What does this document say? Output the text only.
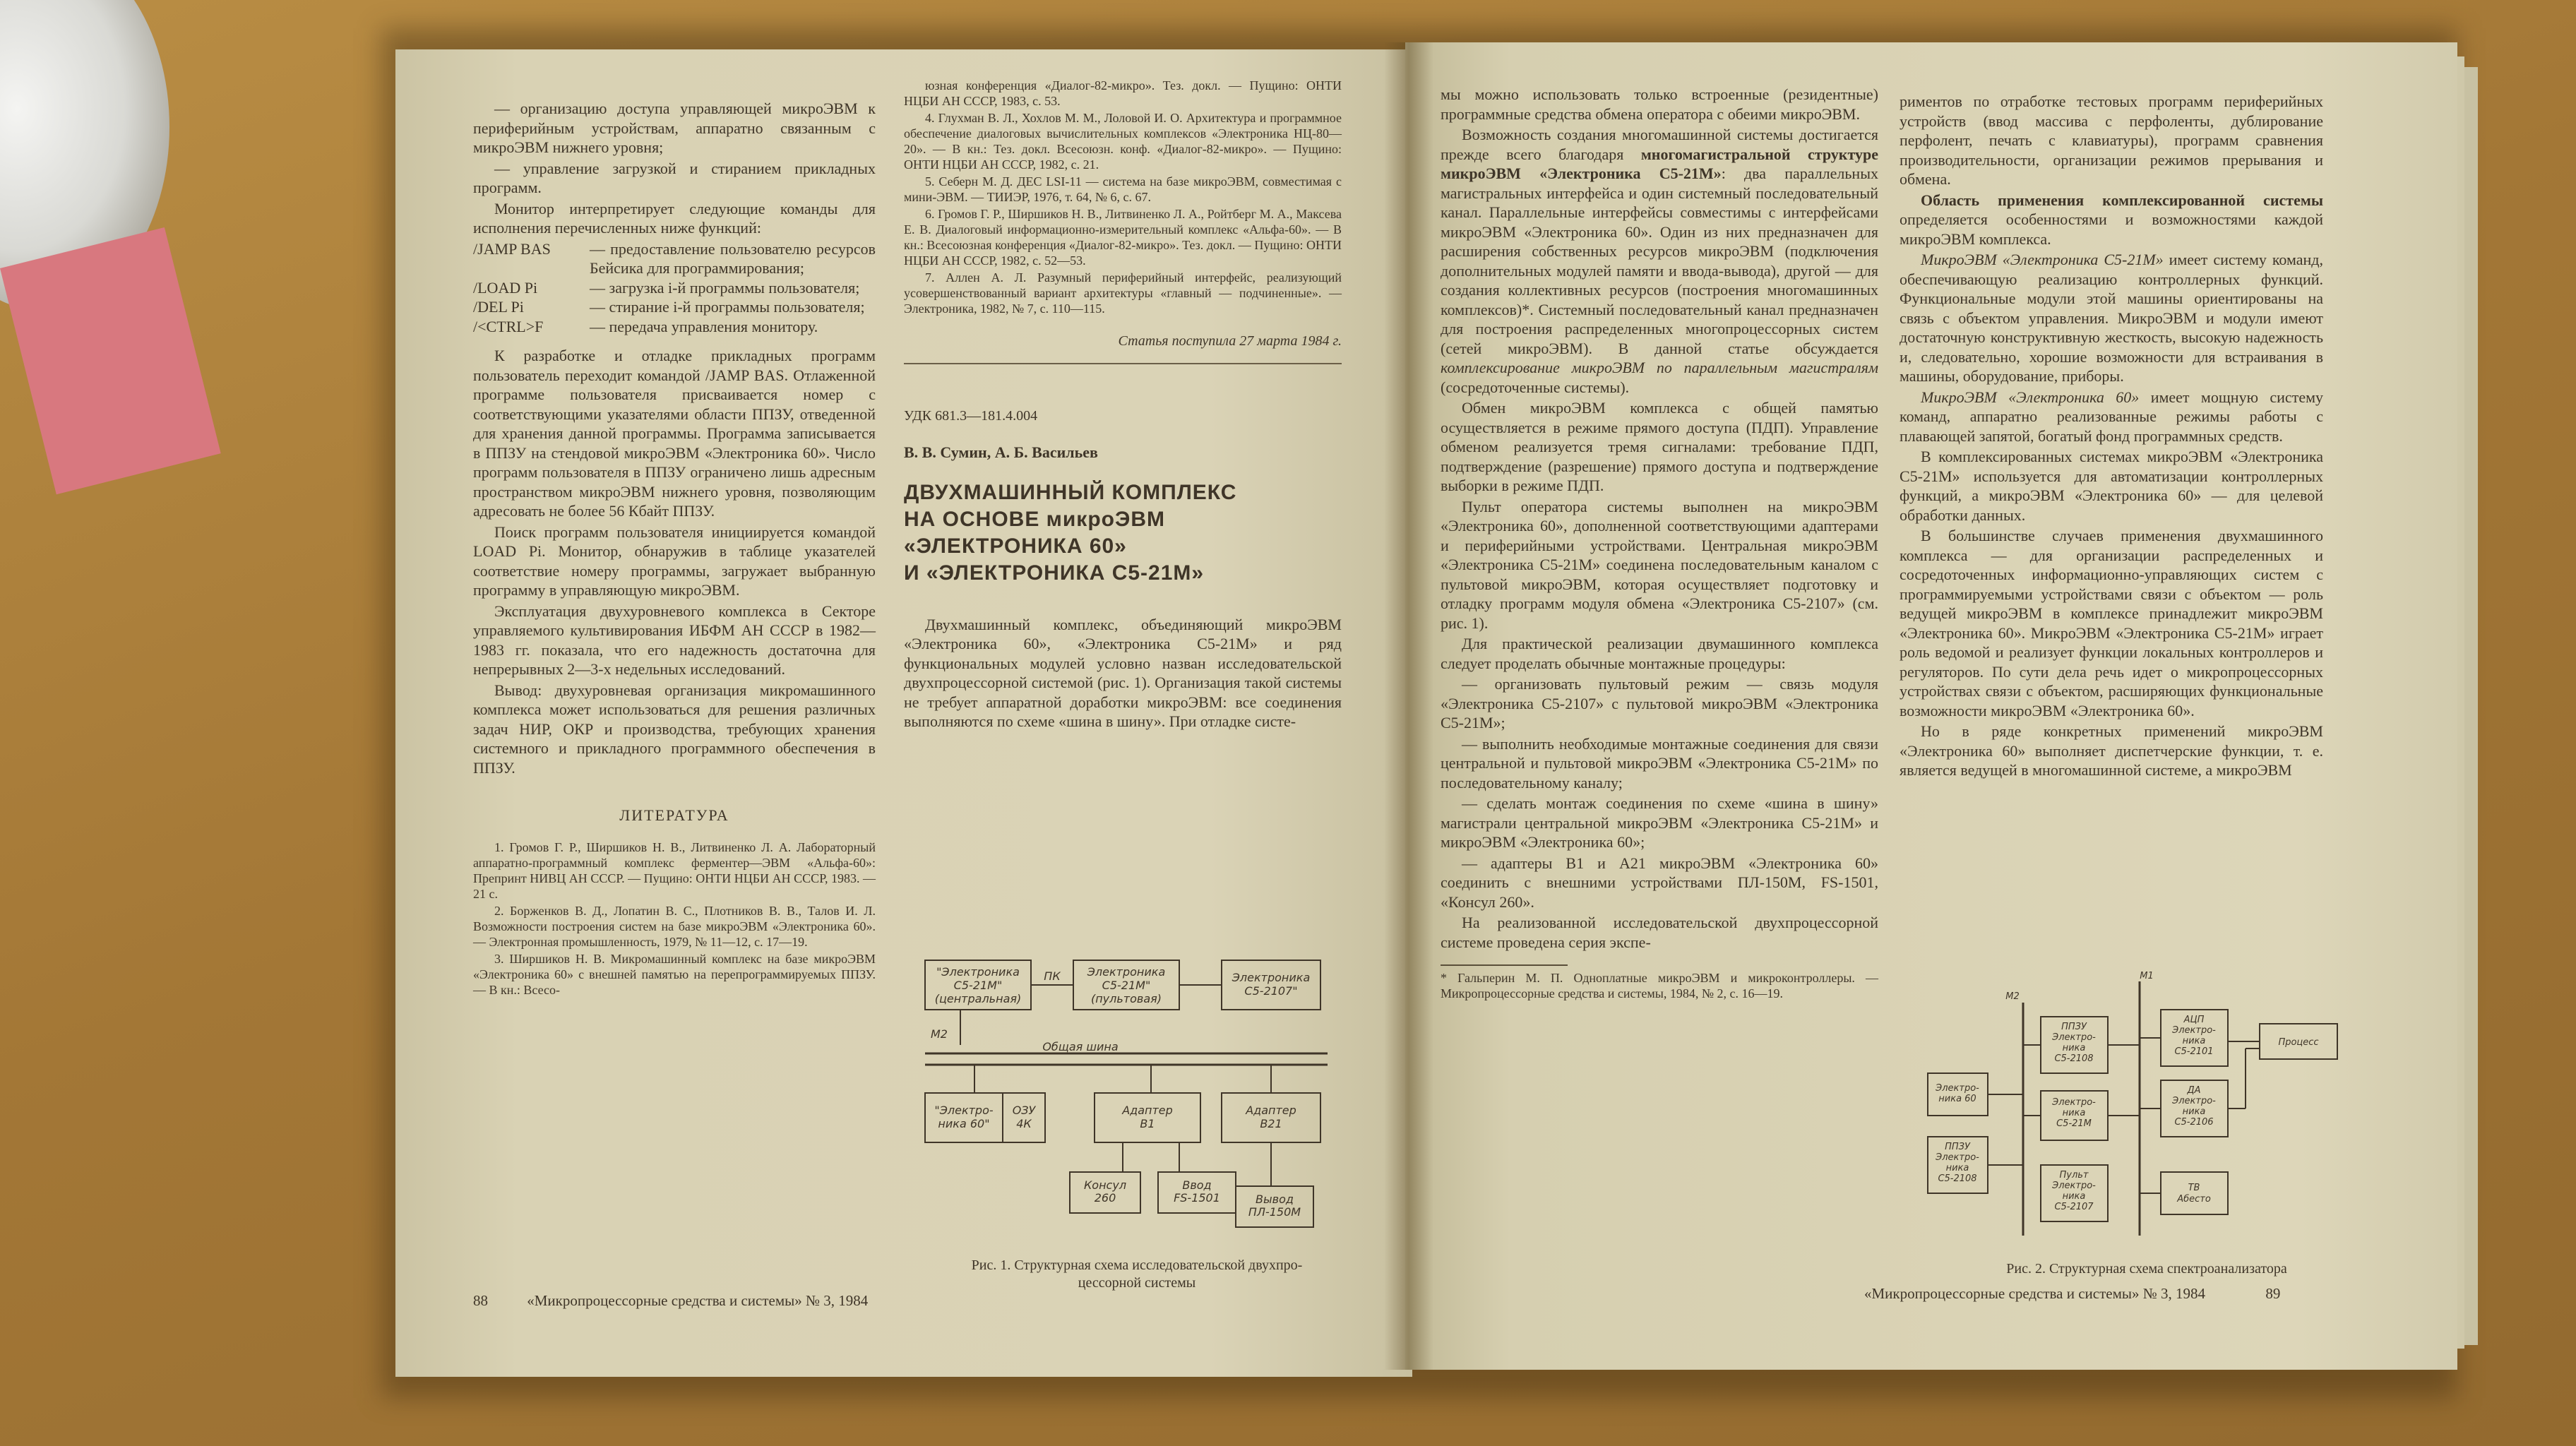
— организацию доступа управляющей микроЭВМ к периферийным устройствам, аппаратно связанным с микроЭВМ нижнего уровня;

— управление загрузкой и стиранием прикладных программ.

Монитор интерпретирует следующие команды для исполнения перечисленных ниже функций:

/JAMP BAS	— предоставление пользователю ресурсов Бейсика для программирования;
/LOAD Pi	— загрузка i-й программы пользователя;
/DEL Pi	— стирание i-й программы пользователя;
/<CTRL>F	— передача управления монитору.

К разработке и отладке прикладных программ пользователь переходит командой /JAMP BAS. Отлаженной программе пользователя присваивается номер с соответствующими указателями области ППЗУ, отведенной для хранения данной программы. Программа записывается в ППЗУ на стендовой микроЭВМ «Электроника 60». Число программ пользователя в ППЗУ ограничено лишь адресным пространством микроЭВМ нижнего уровня, позволяющим адресовать не более 56 Кбайт ППЗУ.

Поиск программ пользователя инициируется командой LOAD Pi. Монитор, обнаружив в таблице указателей соответствие номеру программы, загружает выбранную программу в управляющую микроЭВМ.

Эксплуатация двухуровневого комплекса в Секторе управляемого культивирования ИБФМ АН СССР в 1982—1983 гг. показала, что его надежность достаточна для непрерывных 2—3-х недельных исследований.

Вывод: двухуровневая организация микромашинного комплекса может использоваться для решения различных задач НИР, ОКР и производства, требующих хранения системного и прикладного программного обеспечения в ППЗУ.

ЛИТЕРАТУРА

1. Громов Г. Р., Ширшиков Н. В., Литвиненко Л. А. Лабораторный аппаратно-программный комплекс ферментер—ЭВМ «Альфа-60»: Препринт НИВЦ АН СССР. — Пущино: ОНТИ НЦБИ АН СССР, 1983. — 21 с.

2. Борженков В. Д., Лопатин В. С., Плотников В. В., Талов И. Л. Возможности построения систем на базе микроЭВМ «Электроника 60». — Электронная промышленность, 1979, № 11—12, с. 17—19.

3. Ширшиков Н. В. Микромашинный комплекс на базе микроЭВМ «Электроника 60» с внешней памятью на перепрограммируемых ППЗУ. — В кн.: Всесо-

юзная конференция «Диалог-82-микро». Тез. докл. — Пущино: ОНТИ НЦБИ АН СССР, 1983, с. 53.

4. Глухман В. Л., Хохлов М. М., Лоловой И. О. Архитектура и программное обеспечение диалоговых вычислительных комплексов «Электроника НЦ-80—20». — В кн.: Тез. докл. Всесоюзн. конф. «Диалог-82-микро». — Пущино: ОНТИ НЦБИ АН СССР, 1982, с. 21.

5. Себерн М. Д. ДЕС LSI-11 — система на базе микроЭВМ, совместимая с мини-ЭВМ. — ТИИЭР, 1976, т. 64, № 6, с. 67.

6. Громов Г. Р., Ширшиков Н. В., Литвиненко Л. А., Ройтберг М. А., Максева Е. В. Диалоговый информационно-измерительный комплекс «Альфа-60». — В кн.: Всесоюзная конференция «Диалог-82-микро». Тез. докл. — Пущино: ОНТИ НЦБИ АН СССР, 1982, с. 52—53.

7. Аллен А. Л. Разумный периферийный интерфейс, реализующий усовершенствованный вариант архитектуры «главный — подчиненные». — Электроника, 1982, № 7, с. 110—115.

Статья поступила 27 марта 1984 г.
УДК 681.3—181.4.004
В. В. Сумин, А. Б. Васильев
ДВУХМАШИННЫЙ КОМПЛЕКС
НА ОСНОВЕ микроЭВМ
«ЭЛЕКТРОНИКА 60»
И «ЭЛЕКТРОНИКА С5-21М»

Двухмашинный комплекс, объединяющий микроЭВМ «Электроника 60», «Электроника С5-21М» и ряд функциональных модулей условно назван исследовательской двухпроцессорной системой (рис. 1). Организация такой системы не требует аппаратной доработки микроЭВМ: все соединения выполняются по схеме «шина в шину». При отладке систе-

"Электроника С5-21М" (центральная)
Электроника С5-21М" (пультовая)
Электроника С5-2107"
"Электро-ника 60"
ОЗУ 4К
Адаптер В1
Адаптер В21
Консул 260
Ввод FS-1501	Вывод ПЛ-150М
ПК
М2
Общая шина
Рис. 1. Структурная схема исследовательской двухпро-
цессорной системы
88	«Микропроцессорные средства и системы» № 3, 1984

мы можно использовать только встроенные (резидентные) программные средства обмена оператора с обеими микроЭВМ.

Возможность создания многомашинной системы достигается прежде всего благодаря многомагистральной структуре микроЭВМ «Электроника С5-21М»: два параллельных магистральных интерфейса и один системный последовательный канал. Параллельные интерфейсы совместимы с интерфейсами микроЭВМ «Электроника 60». Один из них предназначен для расширения собственных ресурсов микроЭВМ (подключения дополнительных модулей памяти и ввода-вывода), другой — для создания коллективных ресурсов (построения многомашинных комплексов)*. Системный последовательный канал предназначен для построения распределенных многопроцессорных систем (сетей микроЭВМ). В данной статье обсуждается комплексирование микроЭВМ по параллельным магистралям (сосредоточенные системы).

Обмен микроЭВМ комплекса с общей памятью осуществляется в режиме прямого доступа (ПДП). Управление обменом реализуется тремя сигналами: требование ПДП, подтверждение (разрешение) прямого доступа и подтверждение выборки в режиме ПДП.

Пульт оператора системы выполнен на микроЭВМ «Электроника 60», дополненной соответствующими адаптерами и периферийными устройствами. Центральная микроЭВМ «Электроника С5-21М» соединена последовательным каналом с пультовой микроЭВМ, которая осуществляет подготовку и отладку программ модуля обмена «Электроника С5-2107» (см. рис. 1).

Для практической реализации двумашинного комплекса следует проделать обычные монтажные процедуры:

— организовать пультовый режим — связь модуля «Электроника С5-2107» с пультовой микроЭВМ «Электроника С5-21М»;

— выполнить необходимые монтажные соединения для связи центральной и пультовой микроЭВМ «Электроника С5-21М» по последовательному каналу;

— сделать монтаж соединения по схеме «шина в шину» магистрали центральной микроЭВМ «Электроника С5-21М» и микроЭВМ «Электроника 60»;

— адаптеры В1 и А21 микроЭВМ «Электроника 60» соединить с внешними устройствами ПЛ-150М, FS-1501, «Консул 260».

На реализованной исследовательской двухпроцессорной системе проведена серия экспе-

* Гальперин М. П. Однoплатные микроЭВМ и микроконтроллеры. — Микропроцессорные средства и системы, 1984, № 2, с. 16—19.

риментов по отработке тестовых программ периферийных устройств (ввод массива с перфоленты, дублирование перфолент, печать с клавиатуры), программ сравнения производительности, организации режимов прерывания и обмена.

Область применения комплексированной системы определяется особенностями и возможностями каждой микроЭВМ комплекса.

МикроЭВМ «Электроника С5-21М» имеет систему команд, обеспечивающую реализацию контроллерных функций. Функциональные модули этой машины ориентированы на связь с объектом управления. МикроЭВМ и модули имеют достаточную конструктивную жесткость, высокую надежность и, следовательно, хорошие возможности для встраивания в машины, оборудование, приборы.

МикроЭВМ «Электроника 60» имеет мощную систему команд, аппаратно реализованные режимы работы с плавающей запятой, богатый фонд программных средств.

В комплексированных системах микроЭВМ «Электроника С5-21М» используется для автоматизации контроллерных функций, а микроЭВМ «Электроника 60» — для целевой обработки данных.

В большинстве случаев применения двухмашинного комплекса — для организации распределенных и сосредоточенных информационно-управляющих систем с программируемыми устройствами связи с объектом — роль ведущей микроЭВМ в комплексе принадлежит микроЭВМ «Электроника 60». МикроЭВМ «Электроника С5-21М» играет роль ведомой и реализует функции локальных контроллеров и регуляторов. По сути дела речь идет о микропроцессорных устройствах связи с объектом, расширяющих функциональные возможности микроЭВМ «Электроника 60».

Но в ряде конкретных применений микроЭВМ «Электроника 60» выполняет диспетчерские функции, т. е. является ведущей в многомашинной системе, а микроЭВМ

М1
М2
Электро-ника 60
ППЗУ Электро-ника С5-2108
ППЗУ Электро-ника С5-2108
Электро-ника С5-21М
Пульт Электро-ника С5-2107
АЦП Электро-ника С5-2101
ДА Электро-ника С5-2106
ТВ Абесто
Процесс
Рис. 2. Структурная схема спектроанализатора
«Микропроцессорные средства и системы» № 3, 1984	89
